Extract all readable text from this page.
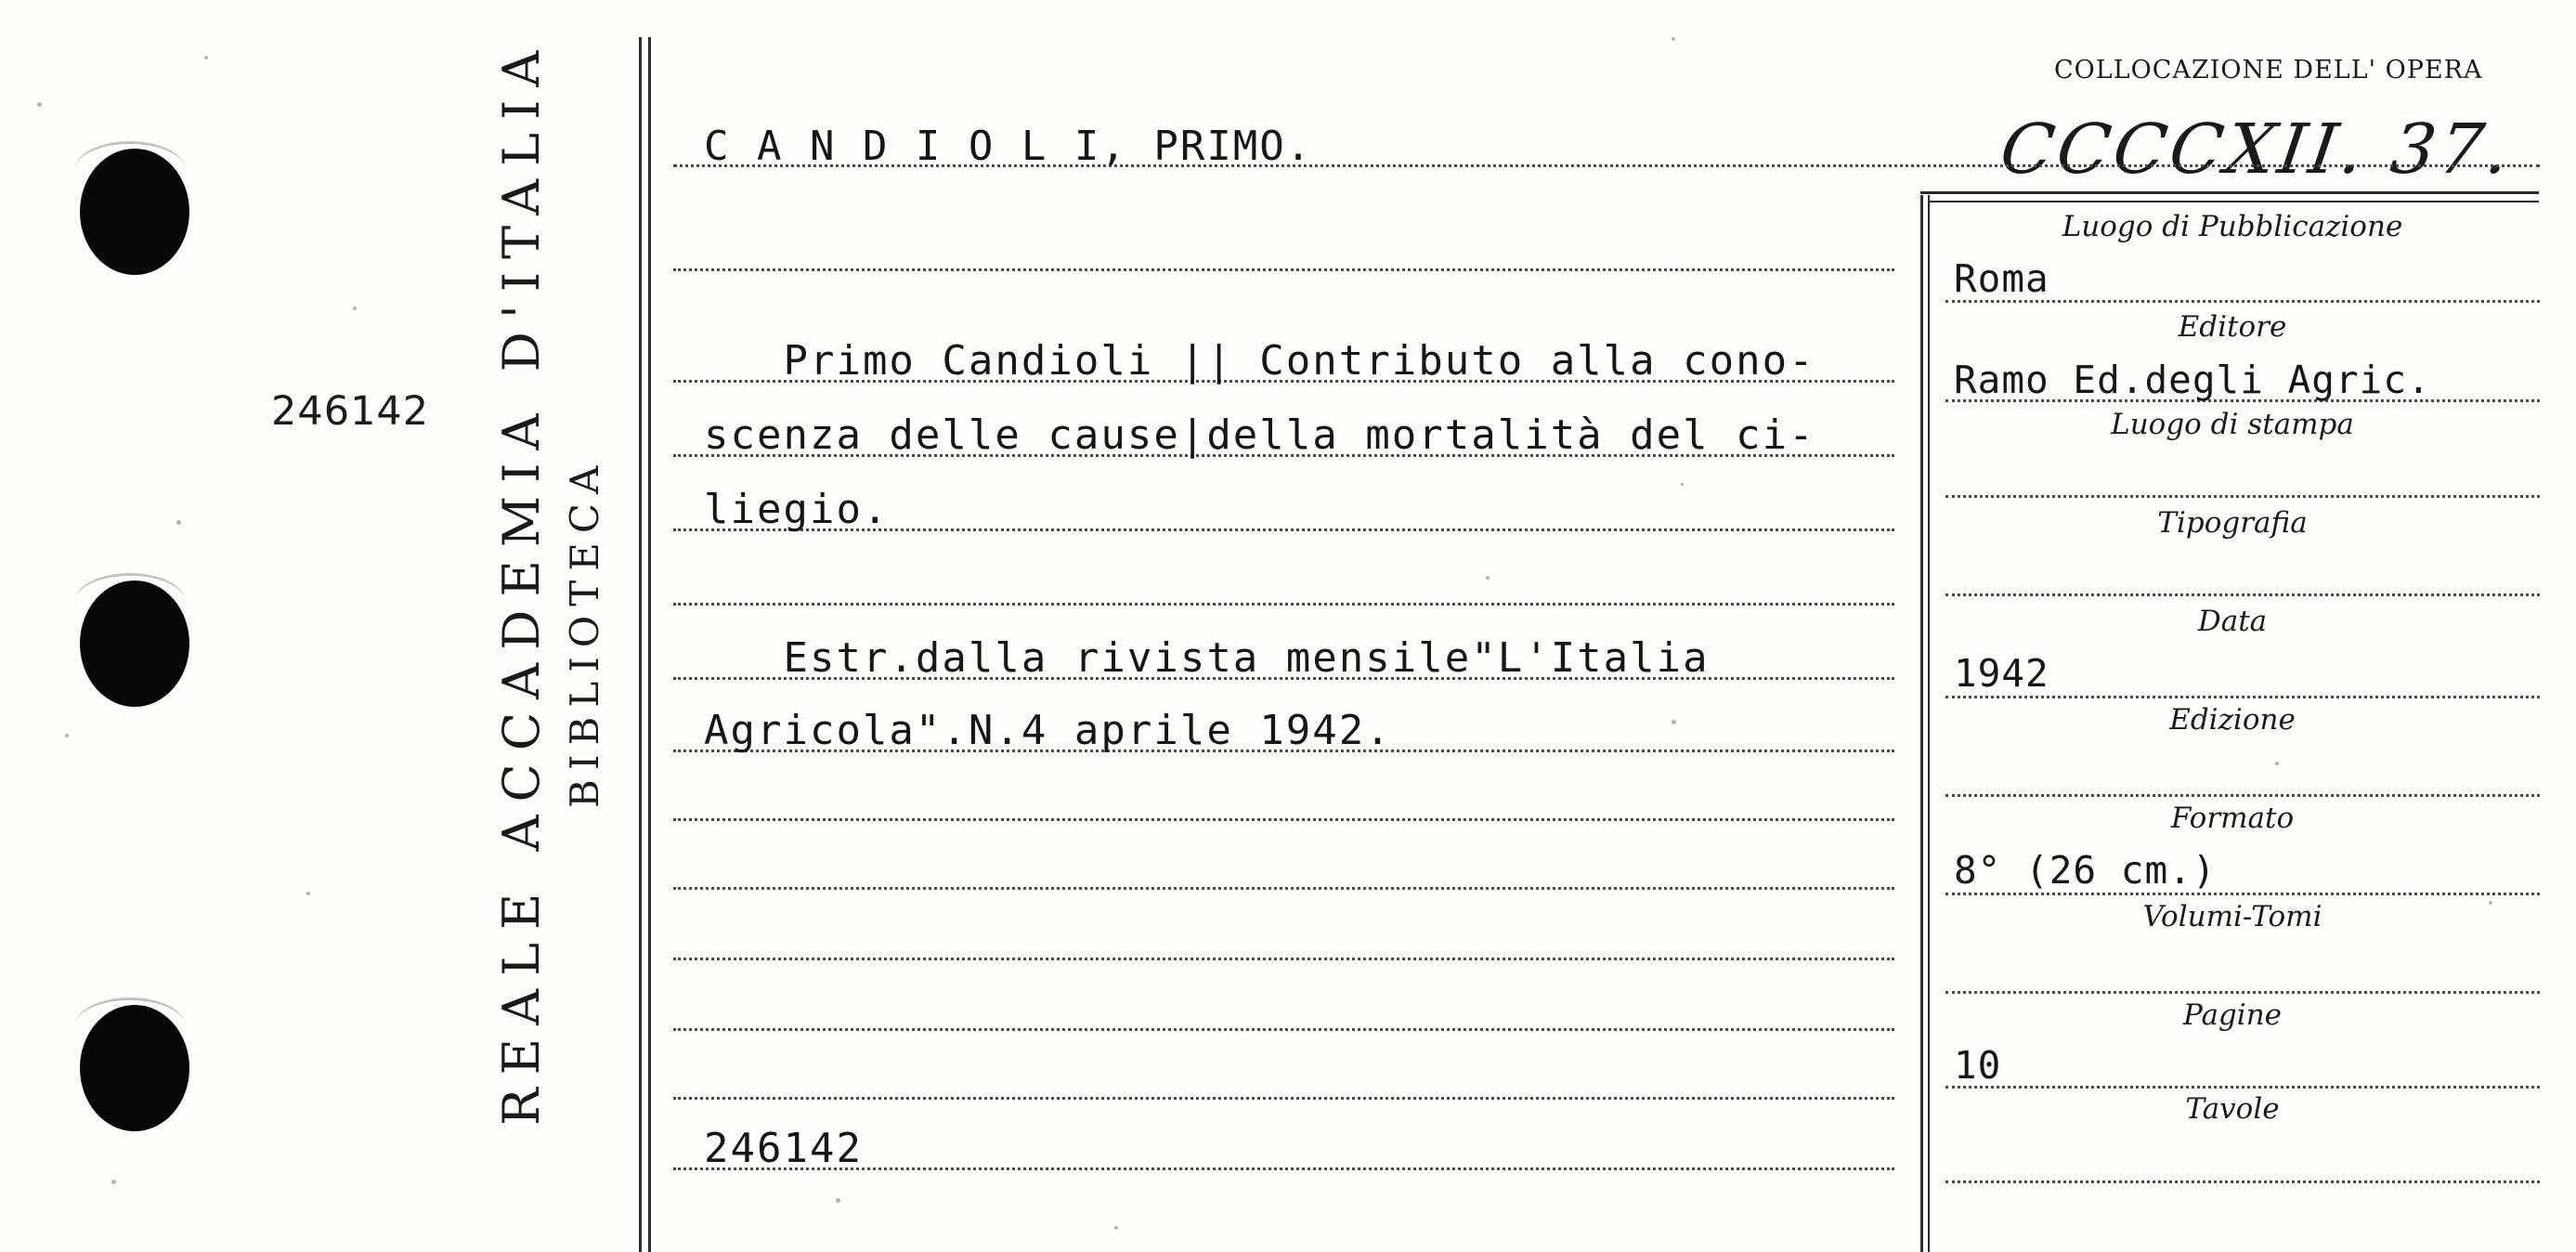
REALE ACCADEMIA D'ITALIA BIBLIOTECA
246142
COLLOCAZIONE DELL' OPERA
CCCCXII. 37.
C A N D I O L I, PRIMO.
Primo Candioli || Contributo alla cono-
scenza delle cause|della mortalità del ci-
liegio.
Estr.dalla rivista mensile"L'Italia
Agricola".N.4 aprile 1942.
246142
Luogo di Pubblicazione
Editore
Luogo di stampa
Tipografia
Data
Edizione
Formato
Volumi-Tomi
Pagine
Tavole
Roma
Ramo Ed.degli Agric.
1942
8° (26 cm.)
10
